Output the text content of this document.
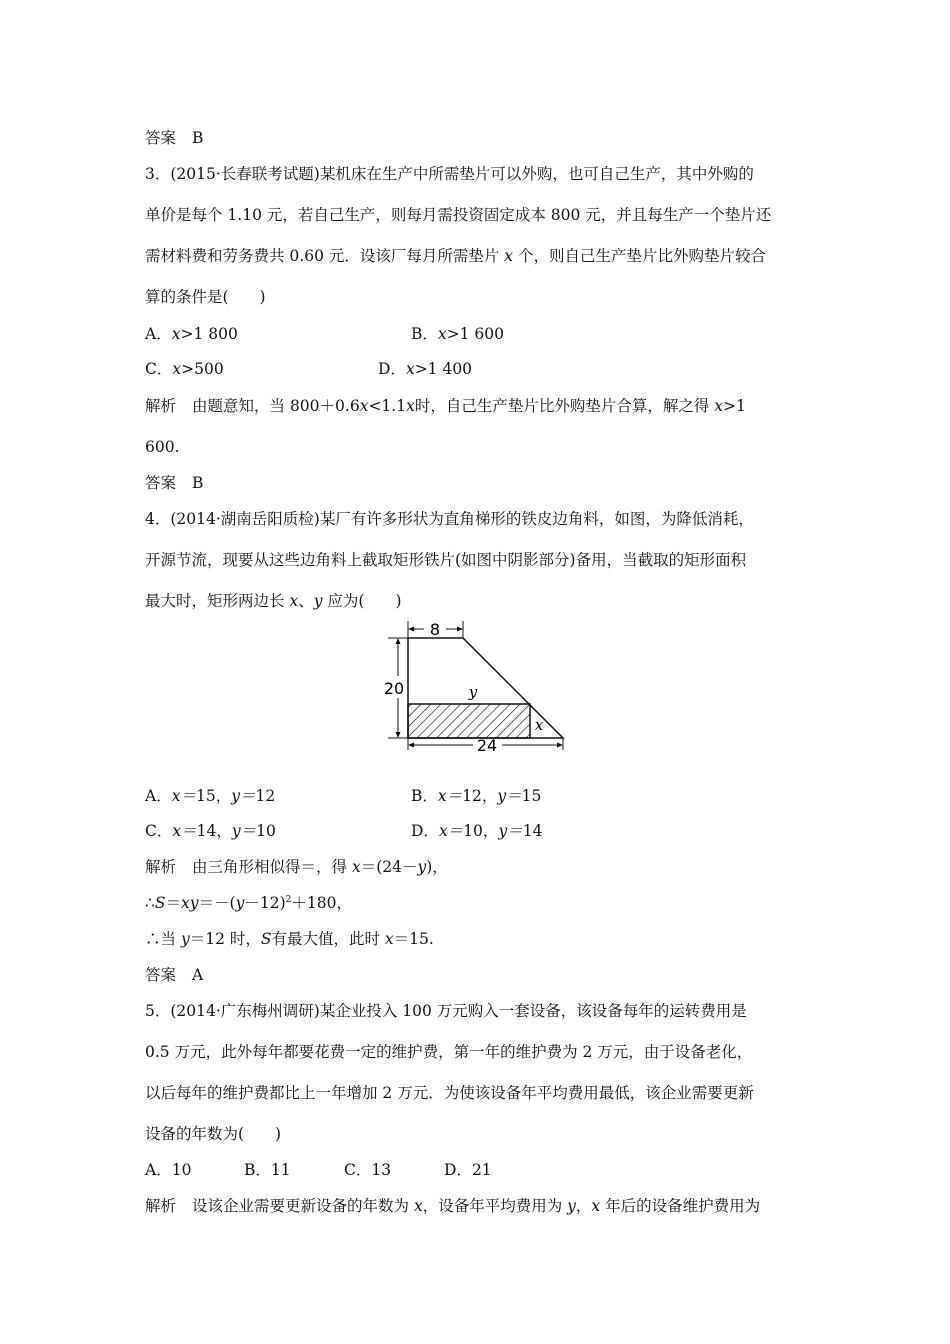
答案 B
3．(2015·长春联考试题)某机床在生产中所需垫片可以外购，也可自己生产，其中外购的
单价是每个 1.10 元，若自己生产，则每月需投资固定成本 800 元，并且每生产一个垫片还
需材料费和劳务费共 0.60 元．设该厂每月所需垫片 x 个，则自己生产垫片比外购垫片较合
算的条件是(　　)
A．x>1 800	B．x>1 600
C．x>500	D．x>1 400
解析 由题意知，当 800＋0.6x<1.1x时，自己生产垫片比外购垫片合算，解之得 x>1
600.
答案 B
4．(2014·湖南岳阳质检)某厂有许多形状为直角梯形的铁皮边角料，如图，为降低消耗，
开源节流，现要从这些边角料上截取矩形铁片(如图中阴影部分)备用，当截取的矩形面积
最大时，矩形两边长 x、y 应为(　　)
8
20
24
y
x
A．x＝15，y＝12	B．x＝12，y＝15
C．x＝14，y＝10	D．x＝10，y＝14
解析 由三角形相似得＝，得 x＝(24－y)，
$\therefore S=xy=-(y-12)^2+180$，
∴当 y＝12 时，S有最大值，此时 x＝15.
答案 A
5．(2014·广东梅州调研)某企业投入 100 万元购入一套设备，该设备每年的运转费用是
0.5 万元，此外每年都要花费一定的维护费，第一年的维护费为 2 万元，由于设备老化，
以后每年的维护费都比上一年增加 2 万元．为使该设备年平均费用最低，该企业需要更新
设备的年数为(　　)
A．10	B．11	C．13	D．21
解析 设该企业需要更新设备的年数为 x，设备年平均费用为 y，x 年后的设备维护费用为
